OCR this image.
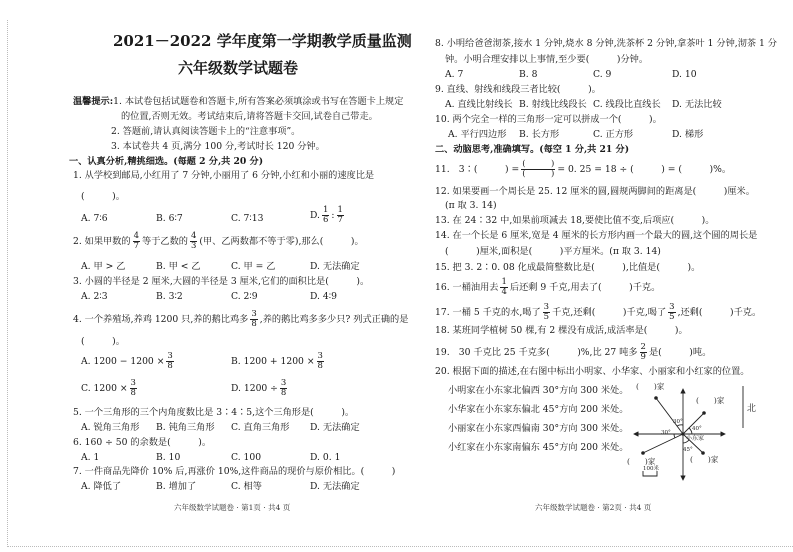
2021－2022 学年度第一学期教学质量监测
六年级数学试题卷
温馨提示:1. 本试卷包括试题卷和答题卡,所有答案必须填涂或书写在答题卡上规定
的位置,否则无效。考试结束后,请将答题卡交回,试卷自己带走。
2. 答题前,请认真阅读答题卡上的“注意事项”。
3. 本试卷共 4 页,满分 100 分,考试时长 120 分钟。
一、认真分析,精挑细选。(每题 2 分,共 20 分)
1. 从学校到邮局,小红用了 7 分钟,小丽用了 6 分钟,小红和小丽的速度比是
(　　　)。
A. 7∶6	B. 6∶7	C. 7∶13	D. $\frac{1}{6}$ : $\frac{1}{7}$
2. 如果甲数的 $\frac{4}{7}$ 等于乙数的 $\frac{4}{3}$ (甲、乙两数都不等于零),那么(　　　)。
A. 甲 > 乙	B. 甲 < 乙	C. 甲 = 乙	D. 无法确定
3. 小圆的半径是 2 厘米,大圆的半径是 3 厘米,它们的面积比是(　　　)。
A. 2∶3	B. 3∶2	C. 2∶9	D. 4∶9
4. 一个养殖场,养鸡 1200 只,养的鹅比鸡多 $\frac{3}{8}$ ,养的鹅比鸡多多少只? 列式正确的是
(　　　)。
A. $1200 - 1200 \times \frac{3}{8}$	B. $1200 + 1200 \times \frac{3}{8}$
C. $1200 \times \frac{3}{8}$	D. $1200 \div \frac{3}{8}$
5. 一个三角形的三个内角度数比是 3∶4∶5,这个三角形是(　　　)。
A. 锐角三角形 B. 钝角三角形 C. 直角三角形 D. 无法确定
6. 160 ÷ 50 的余数是(　　　)。
A. 1	B. 10	C. 100	D. 0. 1
7. 一件商品先降价 10% 后,再涨价 10%,这件商品的现价与原价相比。(　　　)
A. 降低了	B. 增加了	C. 相等	D. 无法确定
六年级数学试题卷 · 第1页 · 共4 页
8. 小明给爸爸沏茶,接水 1 分钟,烧水 8 分钟,洗茶杯 2 分钟,拿茶叶 1 分钟,沏茶 1 分
钟。小明合理安排以上事情,至少要(　　　)分钟。
A. 7	B. 8	C. 9	D. 10
9. 直线、射线和线段三者比较(　　　)。
A. 直线比射线长 B. 射线比线段长 C. 线段比直线长 D. 无法比较
10. 两个完全一样的三角形一定可以拼成一个(　　　)。
A. 平行四边形 B. 长方形	C. 正方形	D. 梯形
二、动脑思考,准确填写。(每空 1 分,共 21 分)
11.　3∶(　　　) = (　　　)
(　　　) = 0. 25 = 18 ÷ (　　　) = (　　　)%。
12. 如果要画一个周长是 25. 12 厘米的圆,圆规两脚间的距离是(　　　)厘米。
(π 取 3. 14)
13. 在 24∶32 中,如果前项减去 18,要使比值不变,后项应(　　　)。
14. 在一个长是 6 厘米,宽是 4 厘米的长方形内画一个最大的圆,这个圆的周长是
(　　　)厘米,面积是(　　　)平方厘米。(π 取 3. 14)
15. 把 3. 2∶0. 08 化成最简整数比是(　　　),比值是(　　　)。
16. 一桶油用去 $\frac{1}{4}$ 后还剩 9 千克,用去了(　　　)千克。
17. 一桶 5 千克的水,喝了 $\frac{3}{5}$ 千克,还剩(　　　)千克,喝了 $\frac{3}{5}$ ,还剩(　　　)千克。
18. 某班同学植树 50 棵,有 2 棵没有成活,成活率是(　　　)。
19.　30 千克比 25 千克多(　　　)%,比 27 吨多 $\frac{2}{9}$ 是(　　　)吨。
20. 根据下面的描述,在右图中标出小明家、小华家、小丽家和小红家的位置。
小明家在小东家北偏西 30°方向 300 米处。
小华家在小东家东偏北 45°方向 200 米处。
小丽家在小东家西偏南 30°方向 300 米处。
小红家在小东家南偏东 45°方向 200 米处。
(　　)家
(　　)家
(　　)家	(　　)家
北
小东家
30°
40°
30°
45°
100米
六年级数学试题卷 · 第2页 · 共4 页
